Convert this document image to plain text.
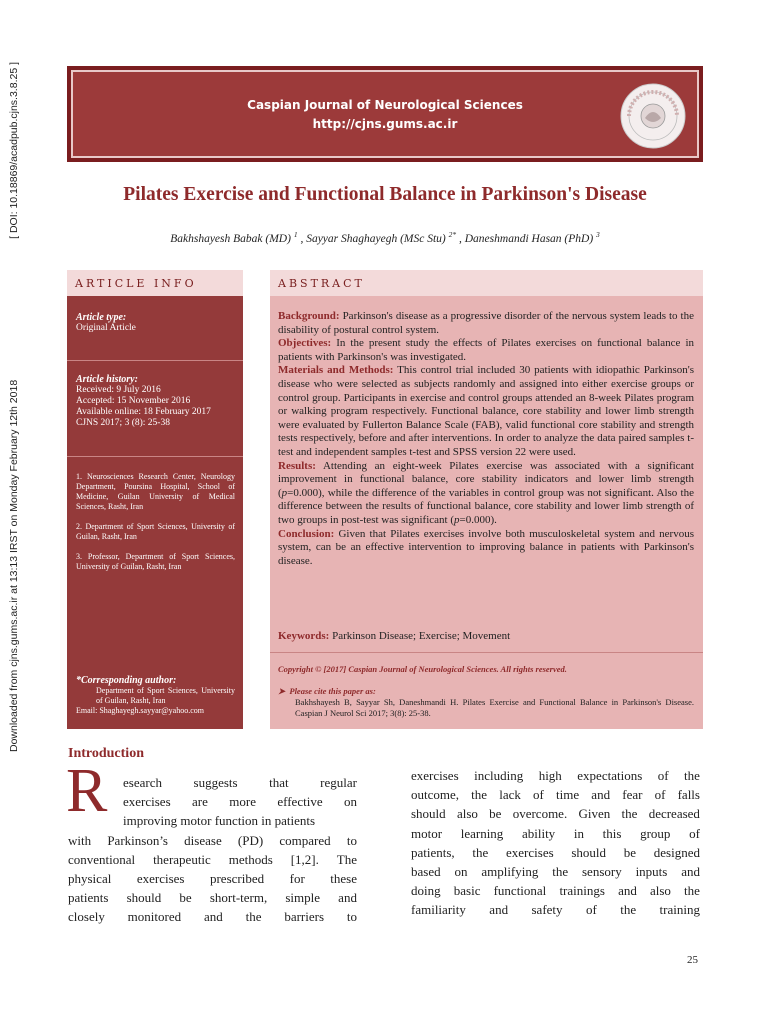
Downloaded from cjns.gums.ac.ir at 13:13 IRST on Monday February 12th 2018
[ DOI: 10.18869/acadpub.cjns.3.8.25 ]	Caspian Journal of Neurological Sciences
http://cjns.gums.ac.ir
Pilates Exercise and Functional Balance in Parkinson's Disease
Bakhshayesh Babak (MD) $^1$ , Sayyar Shaghayegh (MSc Stu) $^{2*}$ , Daneshmandi Hasan (PhD) $^3$
ARTICLE INFO	ABSTRACT
Article type:
Original Article
Article history:
Received: 9 July 2016
Accepted: 15 November 2016
Available online: 18 February 2017
CJNS 2017; 3 (8): 25-38
1. Neurosciences Research Center, Neurology Department, Poursina Hospital, School of Medicine, Guilan University of Medical Sciences, Rasht, Iran
2. Department of Sport Sciences, University of Guilan, Rasht, Iran
3. Professor, Department of Sport Sciences, University of Guilan, Rasht, Iran
*Corresponding author:
Department of Sport Sciences, University of Guilan, Rasht, Iran
Email: Shaghayegh.sayyar@yahoo.com
Background: Parkinson's disease as a progressive disorder of the nervous system leads to the disability of postural control system.
Objectives: In the present study the effects of Pilates exercises on functional balance in patients with Parkinson's was investigated.
Materials and Methods: This control trial included 30 patients with idiopathic Parkinson's disease who were selected as subjects randomly and assigned into either exercise groups or control group. Participants in exercise and control groups attended an 8-week Pilates program or walking program respectively. Functional balance, core stability and lower limb strength were evaluated by Fullerton Balance Scale (FAB), valid functional core stability and strength tests respectively, before and after interventions. In order to analyze the data paired samples t-test and independent samples t-test and SPSS version 22 were used.
Results: Attending an eight-week Pilates exercise was associated with a significant improvement in functional balance, core stability indicators and lower limb strength (p=0.000), while the difference of the variables in control group was not significant. Also the difference between the results of functional balance, core stability and lower limb strength of two groups in post-test was significant (p=0.000).
Conclusion: Given that Pilates exercises involve both musculoskeletal system and nervous system, can be an effective intervention to improving balance in patients with Parkinson's disease.
Keywords: Parkinson Disease; Exercise; Movement
Copyright © [2017] Caspian Journal of Neurological Sciences. All rights reserved.
➤  Please cite this paper as:
Bakhshayesh B, Sayyar Sh, Daneshmandi H. Pilates Exercise and Functional Balance in Parkinson's Disease. Caspian J Neurol Sci 2017; 3(8): 25-38.
Introduction
R esearch suggests that regular
exercises are more effective on
improving motor function in patients
with Parkinson’s disease (PD) compared to
conventional therapeutic methods [1,2]. The
physical exercises prescribed for these
patients should be short-term, simple and
closely monitored and the barriers to
exercises including high expectations of the
outcome, the lack of time and fear of falls
should also be overcome. Given the decreased
motor learning ability in this group of
patients, the exercises should be designed
based on amplifying the sensory inputs and
doing basic functional trainings and also the
familiarity and safety of the training
25
